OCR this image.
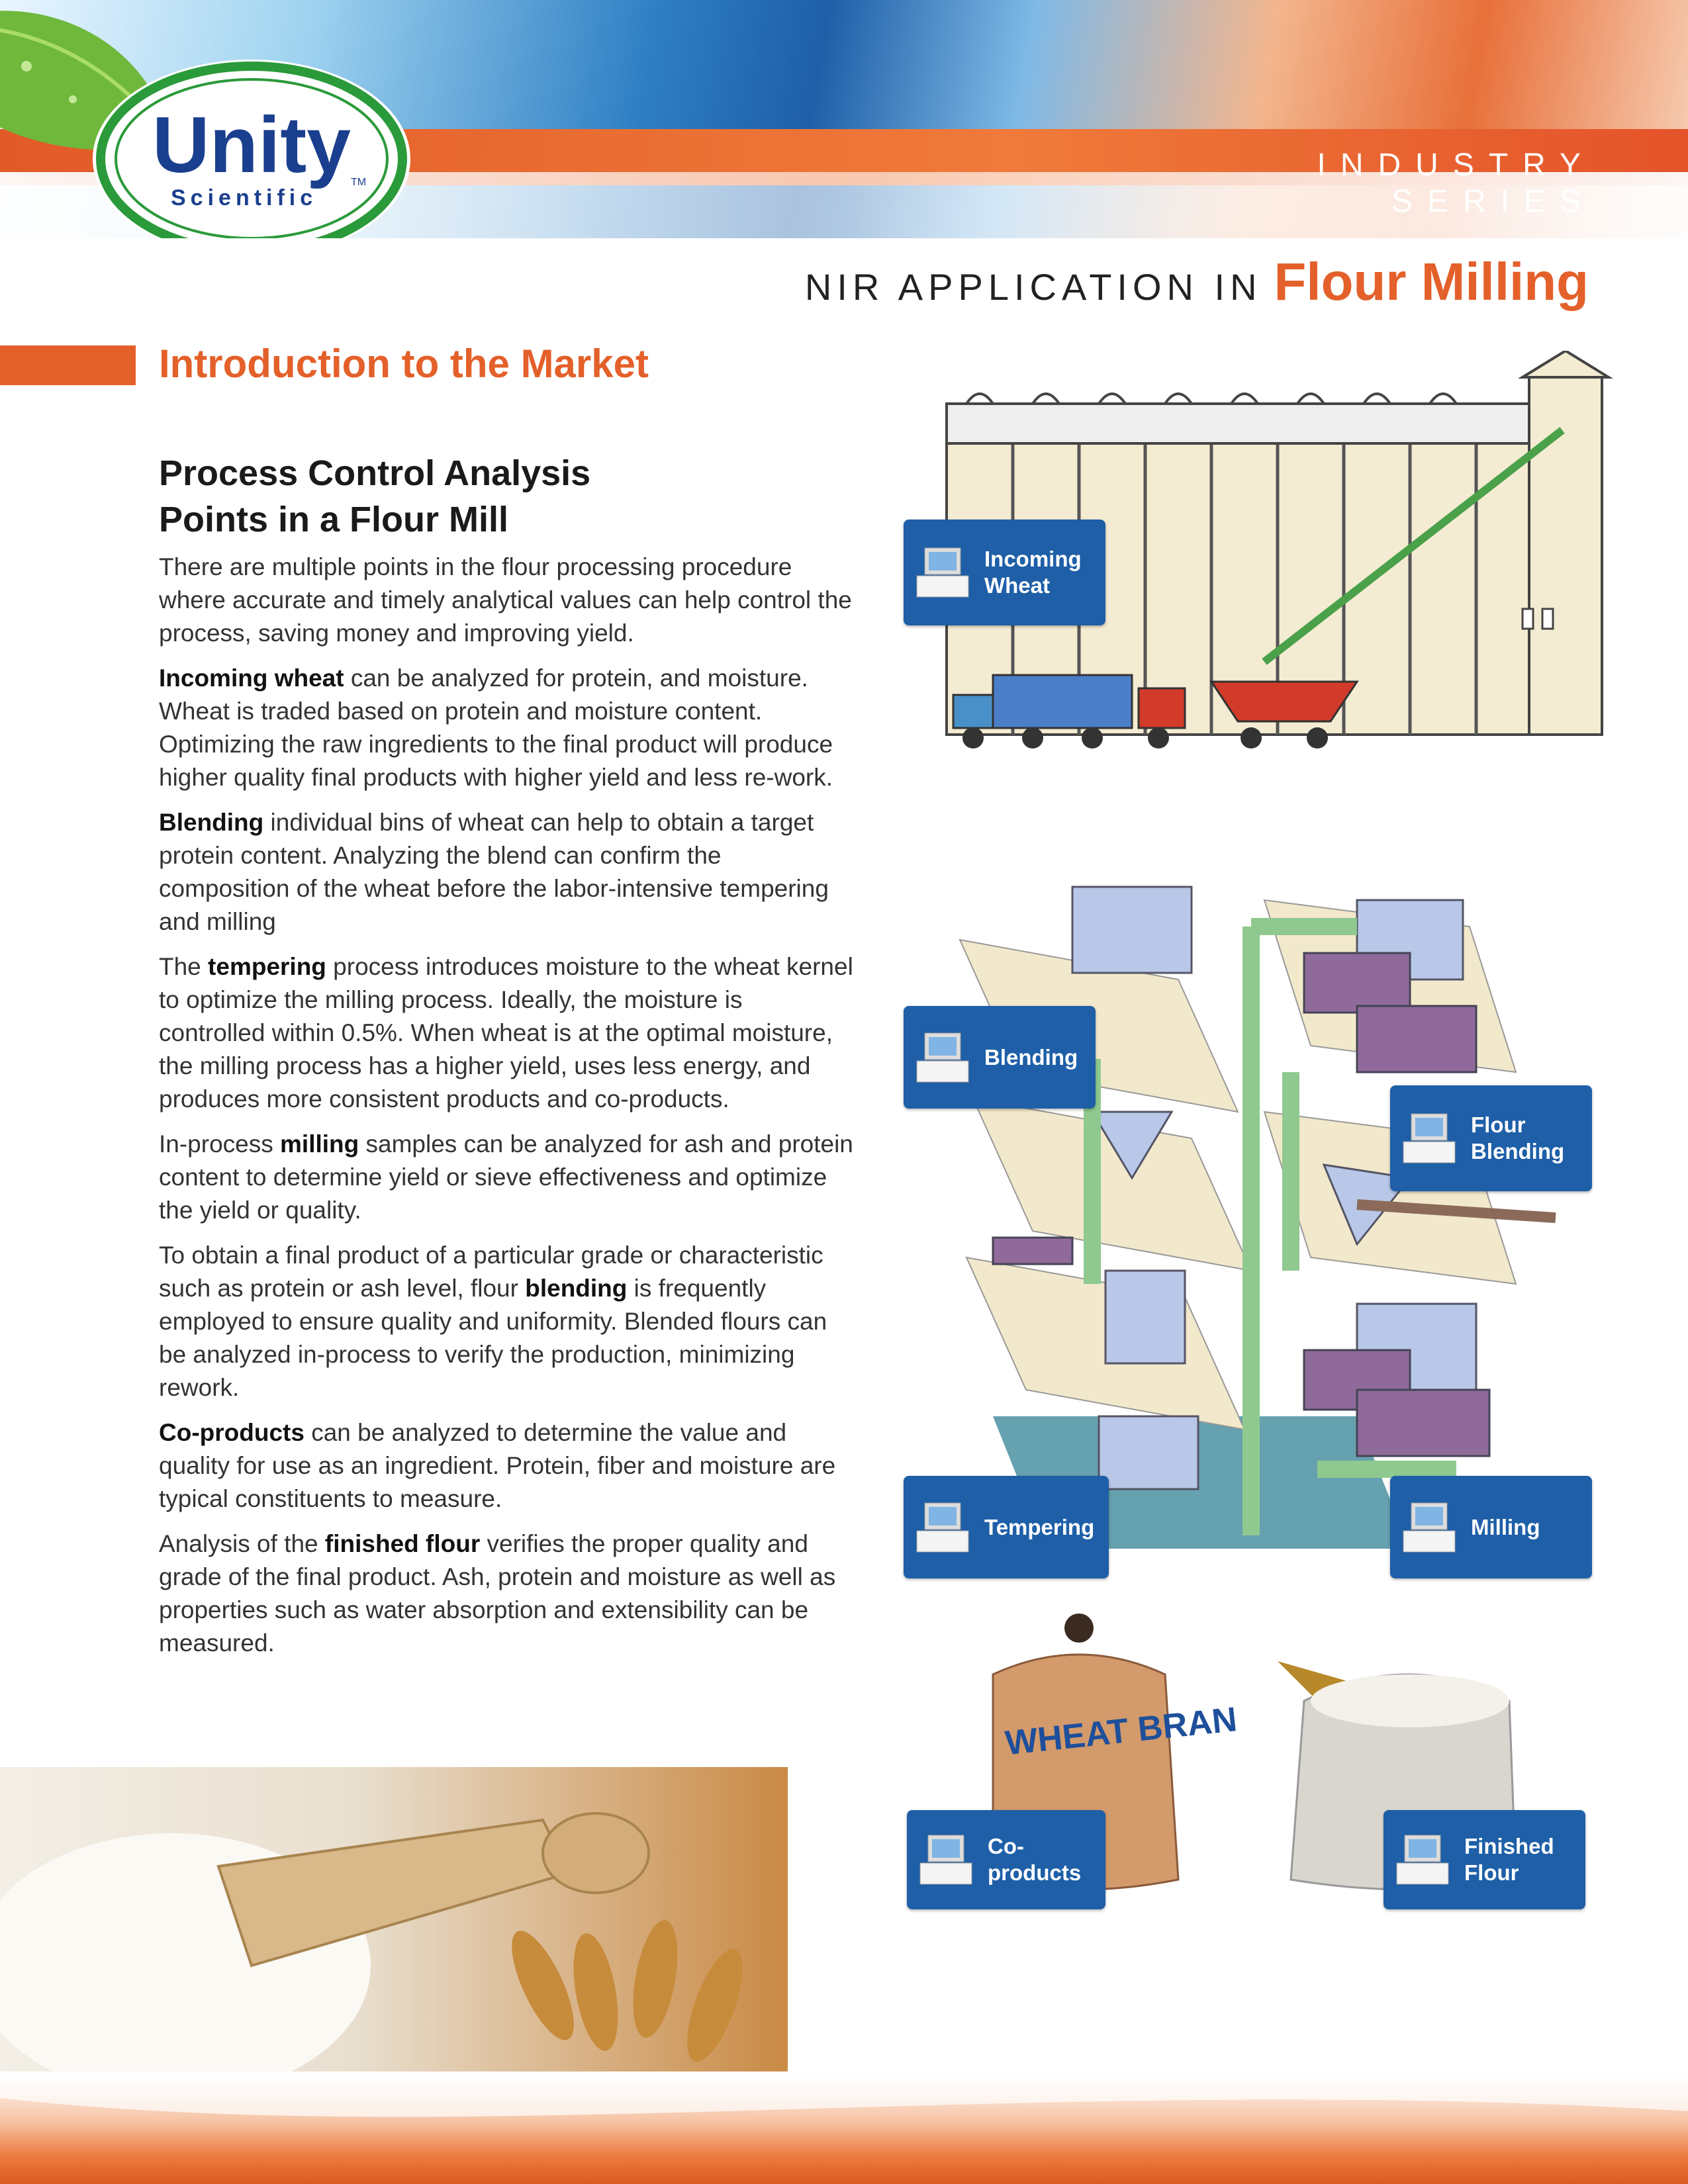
Unity
Scientific
TM	INDUSTRY SERIES
NIR APPLICATION IN Flour Milling
Introduction to the Market
Process Control Analysis
Points in a Flour Mill

There are multiple points in the flour processing procedure where accurate and timely analytical values can help control the process, saving money and improving yield.

Incoming wheat can be analyzed for protein, and moisture. Wheat is traded based on protein and moisture content. Optimizing the raw ingredients to the final product will produce higher quality final products with higher yield and less re-work.

Blending individual bins of wheat can help to obtain a target protein content. Analyzing the blend can confirm the composition of the wheat before the labor-intensive tempering and milling

The tempering process introduces moisture to the wheat kernel to optimize the milling process. Ideally, the moisture is controlled within 0.5%. When wheat is at the optimal moisture, the milling process has a higher yield, uses less energy, and produces more consistent products and co-products.

In-process milling samples can be analyzed for ash and protein content to determine yield or sieve effectiveness and optimize the yield or quality.

To obtain a final product of a particular grade or characteristic such as protein or ash level, flour blending is frequently employed to ensure quality and uniformity. Blended flours can be analyzed in-process to verify the production, minimizing rework.

Co-products can be analyzed to determine the value and quality for use as an ingredient. Protein, fiber and moisture are typical constituents to measure.

Analysis of the finished flour verifies the proper quality and grade of the final product. Ash, protein and moisture as well as properties such as water absorption and extensibility can be measured.

Incoming
Wheat
Blending
Flour
Blending
Tempering	Milling
WHEAT BRAN
Co-products
Finished
Flour
